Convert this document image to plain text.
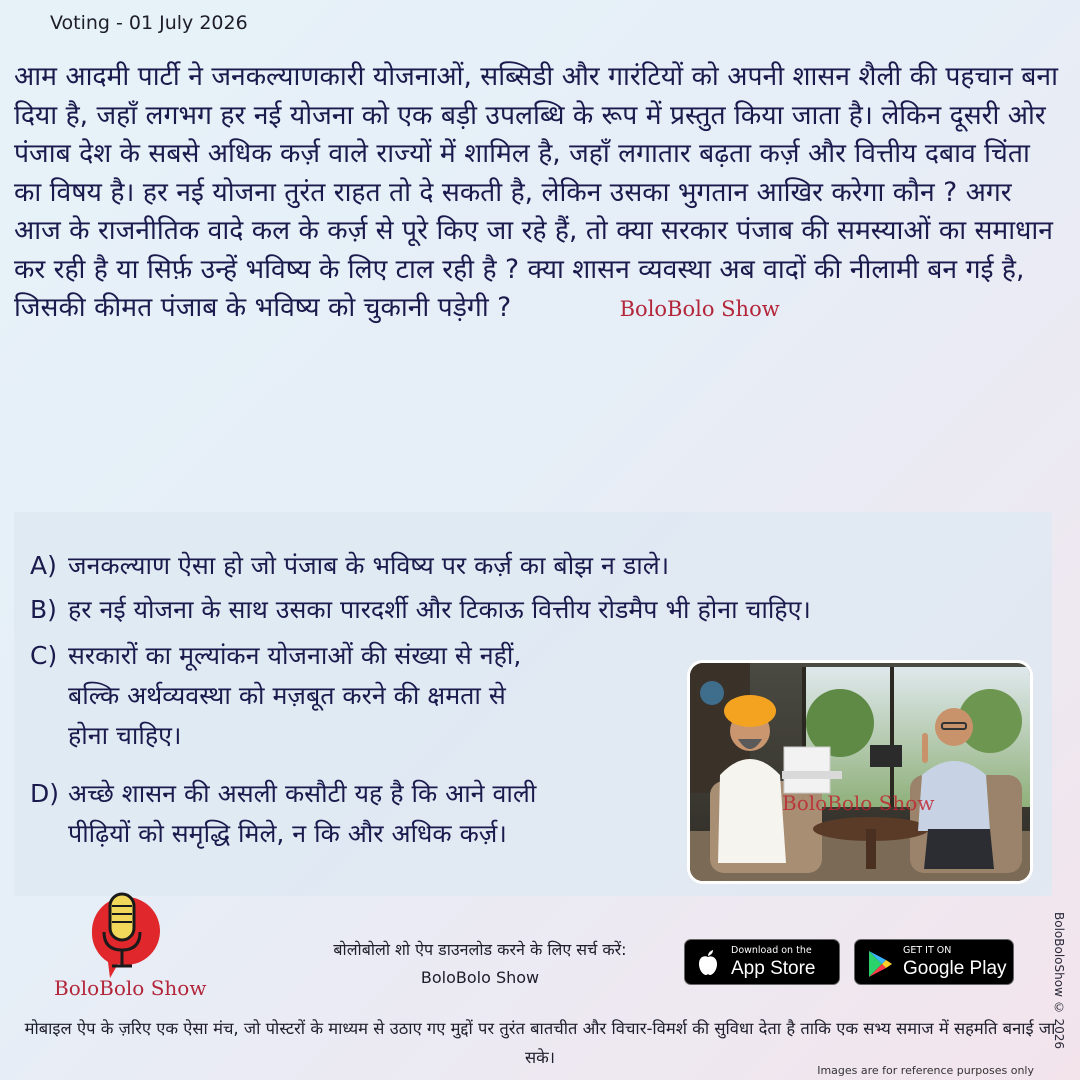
Voting - 01 July 2026
आम आदमी पार्टी ने जनकल्याणकारी योजनाओं, सब्सिडी और गारंटियों को अपनी शासन शैली की पहचान बना दिया है, जहाँ लगभग हर नई योजना को एक बड़ी उपलब्धि के रूप में प्रस्तुत किया जाता है। लेकिन दूसरी ओर पंजाब देश के सबसे अधिक कर्ज़ वाले राज्यों में शामिल है, जहाँ लगातार बढ़ता कर्ज़ और वित्तीय दबाव चिंता का विषय है। हर नई योजना तुरंत राहत तो दे सकती है, लेकिन उसका भुगतान आखिर करेगा कौन ? अगर आज के राजनीतिक वादे कल के कर्ज़ से पूरे किए जा रहे हैं, तो क्या सरकार पंजाब की समस्याओं का समाधान कर रही है या सिर्फ़ उन्हें भविष्य के लिए टाल रही है ? क्या शासन व्यवस्था अब वादों की नीलामी बन गई है, जिसकी कीमत पंजाब के भविष्य को चुकानी पड़ेगी ?	BoloBolo Show
A) जनकल्याण ऐसा हो जो पंजाब के भविष्य पर कर्ज़ का बोझ न डाले।
B) हर नई योजना के साथ उसका पारदर्शी और टिकाऊ वित्तीय रोडमैप भी होना चाहिए।
C) सरकारों का मूल्यांकन योजनाओं की संख्या से नहीं,
बल्कि अर्थव्यवस्था को मज़बूत करने की क्षमता से
होना चाहिए।
D) अच्छे शासन की असली कसौटी यह है कि आने वाली
पीढ़ियों को समृद्धि मिले, न कि और अधिक कर्ज़।
BoloBolo Show
BoloBolo Show
बोलोबोलो शो ऐप डाउनलोड करने के लिए सर्च करें:
BoloBolo Show
Download on the
App Store
GET IT ON
Google Play
मोबाइल ऐप के ज़रिए एक ऐसा मंच, जो पोस्टरों के माध्यम से उठाए गए मुद्दों पर तुरंत बातचीत और विचार-विमर्श की सुविधा देता है ताकि एक सभ्य समाज में सहमति बनाई जा सके।
BoloBoloShow © 2026
Images are for reference purposes only
